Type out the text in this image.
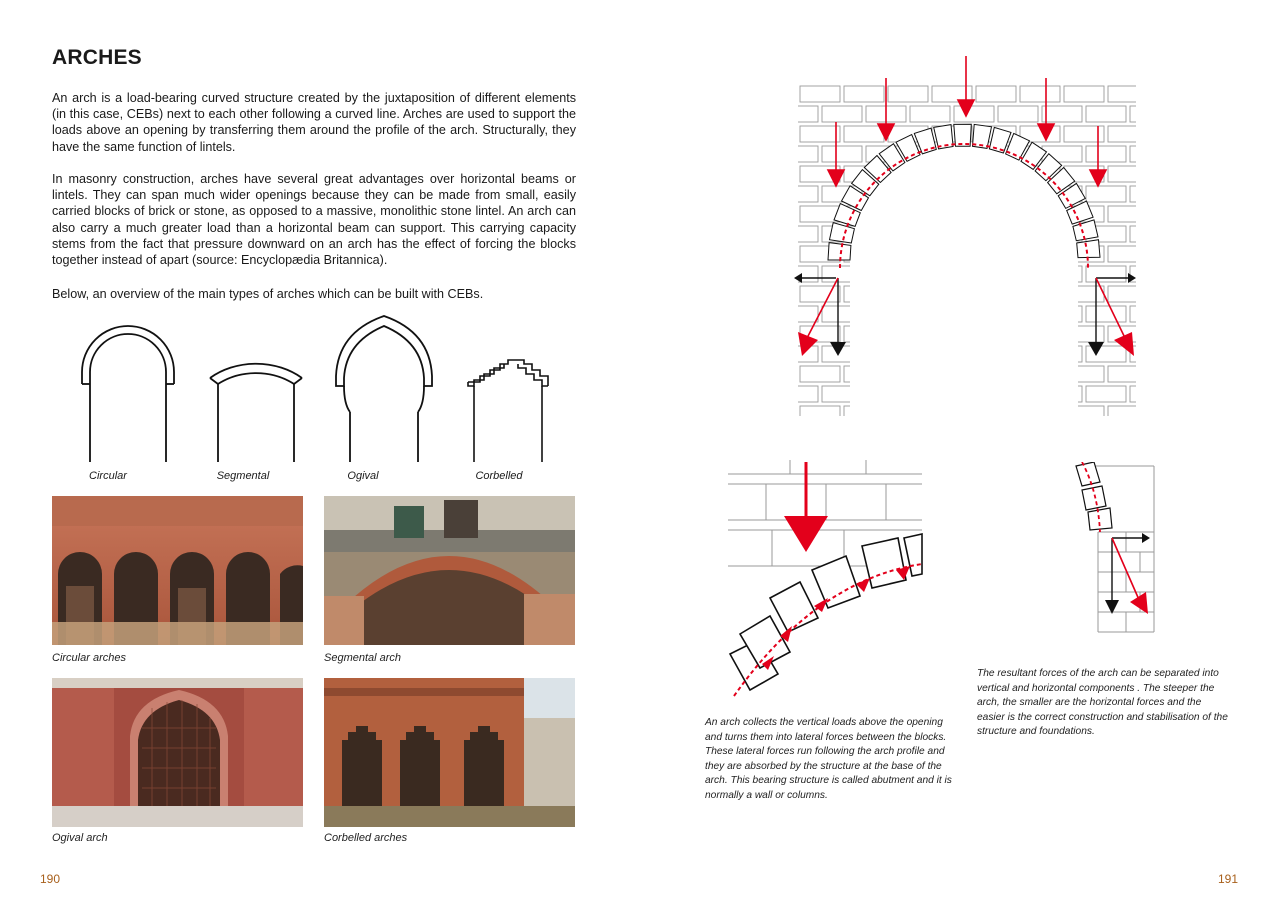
ARCHES

An arch is a load-bearing curved structure created by the juxtaposition of different elements (in this case, CEBs) next to each other following a curved line. Arches are used to support the loads above an opening by transferring them around the profile of the arch. Structurally, they have the same function of lintels.

In masonry construction, arches have several great advantages over horizontal beams or lintels. They can span much wider openings because they can be made from small, easily carried blocks of brick or stone, as opposed to a massive, monolithic stone lintel. An arch can also carry a much greater load than a horizontal beam can support. This carrying capacity stems from the fact that pressure downward on an arch has the effect of forcing the blocks together instead of apart (source: Encyclopædia Britannica).

Below, an overview of the main types of arches which can be built with CEBs.

Circular	Segmental	Ogival	Corbelled
Circular arches	Segmental arch
Ogival arch	Corbelled arches
190

An arch collects the vertical loads above the opening and turns them into lateral forces between the blocks. These lateral forces run following the arch profile and they are absorbed by the structure at the base of the arch. This bearing structure is called abutment and it is normally a wall or columns.

The resultant forces of the arch can be separated into vertical and horizontal components . The steeper the arch, the smaller are the horizontal forces and the easier is the correct construction and stabilisation of the structure and foundations.

191
